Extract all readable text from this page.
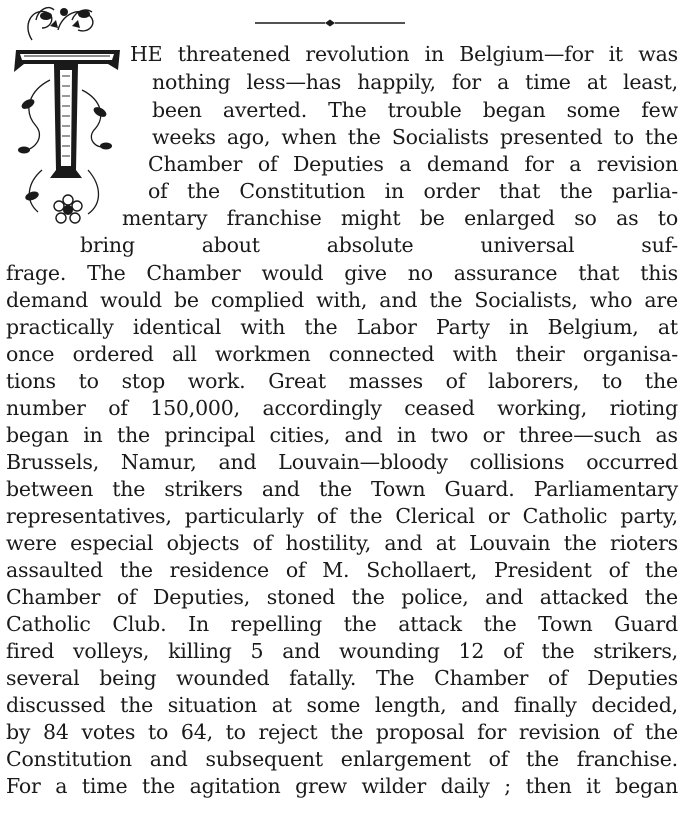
HE threatened revolution in Belgium—for it was
nothing less—has happily, for a time at least,
been averted. The trouble began some few
weeks ago, when the Socialists presented to the
Chamber of Deputies a demand for a revision
of the Constitution in order that the parlia-
mentary franchise might be enlarged so as to
bring	about	absolute	universal	suf-
frage. The Chamber would give no assurance that this
demand would be complied with, and the Socialists, who are
practically identical with the Labor Party in Belgium, at
once ordered all workmen connected with their organisa-
tions to stop work. Great masses of laborers, to the
number of 150,000, accordingly ceased working, rioting
began in the principal cities, and in two or three—such as
Brussels, Namur, and Louvain—bloody collisions occurred
between the strikers and the Town Guard. Parliamentary
representatives, particularly of the Clerical or Catholic party,
were especial objects of hostility, and at Louvain the rioters
assaulted the residence of M. Schollaert, President of the
Chamber of Deputies, stoned the police, and attacked the
Catholic Club. In repelling the attack the Town Guard
fired volleys, killing 5 and wounding 12 of the strikers,
several being wounded fatally. The Chamber of Deputies
discussed the situation at some length, and finally decided,
by 84 votes to 64, to reject the proposal for revision of the
Constitution and subsequent enlargement of the franchise.
For a time the agitation grew wilder daily ; then it began
